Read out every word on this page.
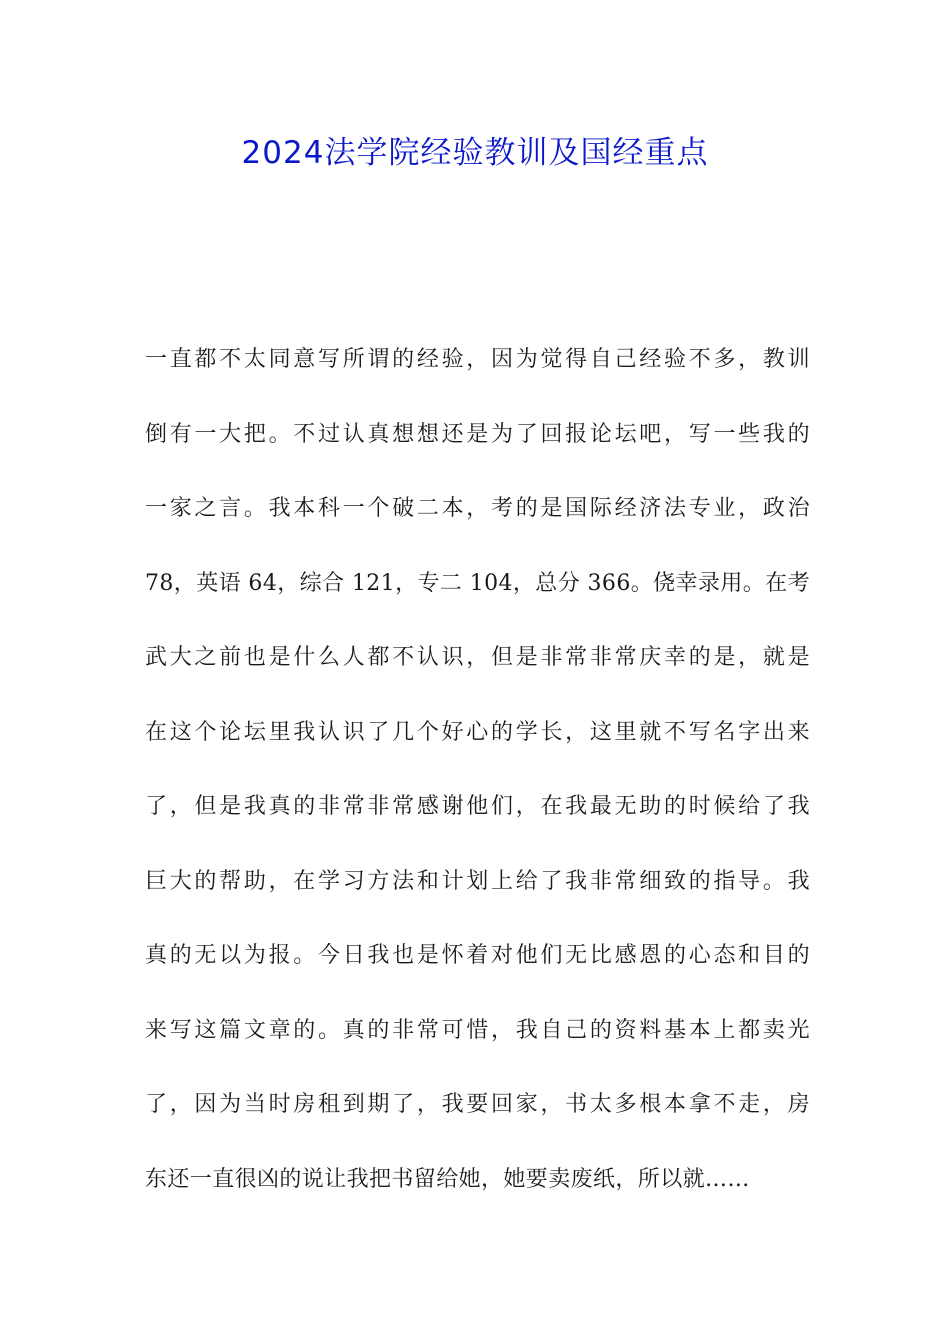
2024法学院经验教训及国经重点
一直都不太同意写所谓的经验，因为觉得自己经验不多，教训
倒有一大把。不过认真想想还是为了回报论坛吧，写一些我的
一家之言。我本科一个破二本，考的是国际经济法专业，政治
78，英语 64，综合 121，专二 104，总分 366。侥幸录用。在考
武大之前也是什么人都不认识，但是非常非常庆幸的是，就是
在这个论坛里我认识了几个好心的学长，这里就不写名字出来
了，但是我真的非常非常感谢他们，在我最无助的时候给了我
巨大的帮助，在学习方法和计划上给了我非常细致的指导。我
真的无以为报。今日我也是怀着对他们无比感恩的心态和目的
来写这篇文章的。真的非常可惜，我自己的资料基本上都卖光
了，因为当时房租到期了，我要回家，书太多根本拿不走，房
东还一直很凶的说让我把书留给她，她要卖废纸，所以就……
